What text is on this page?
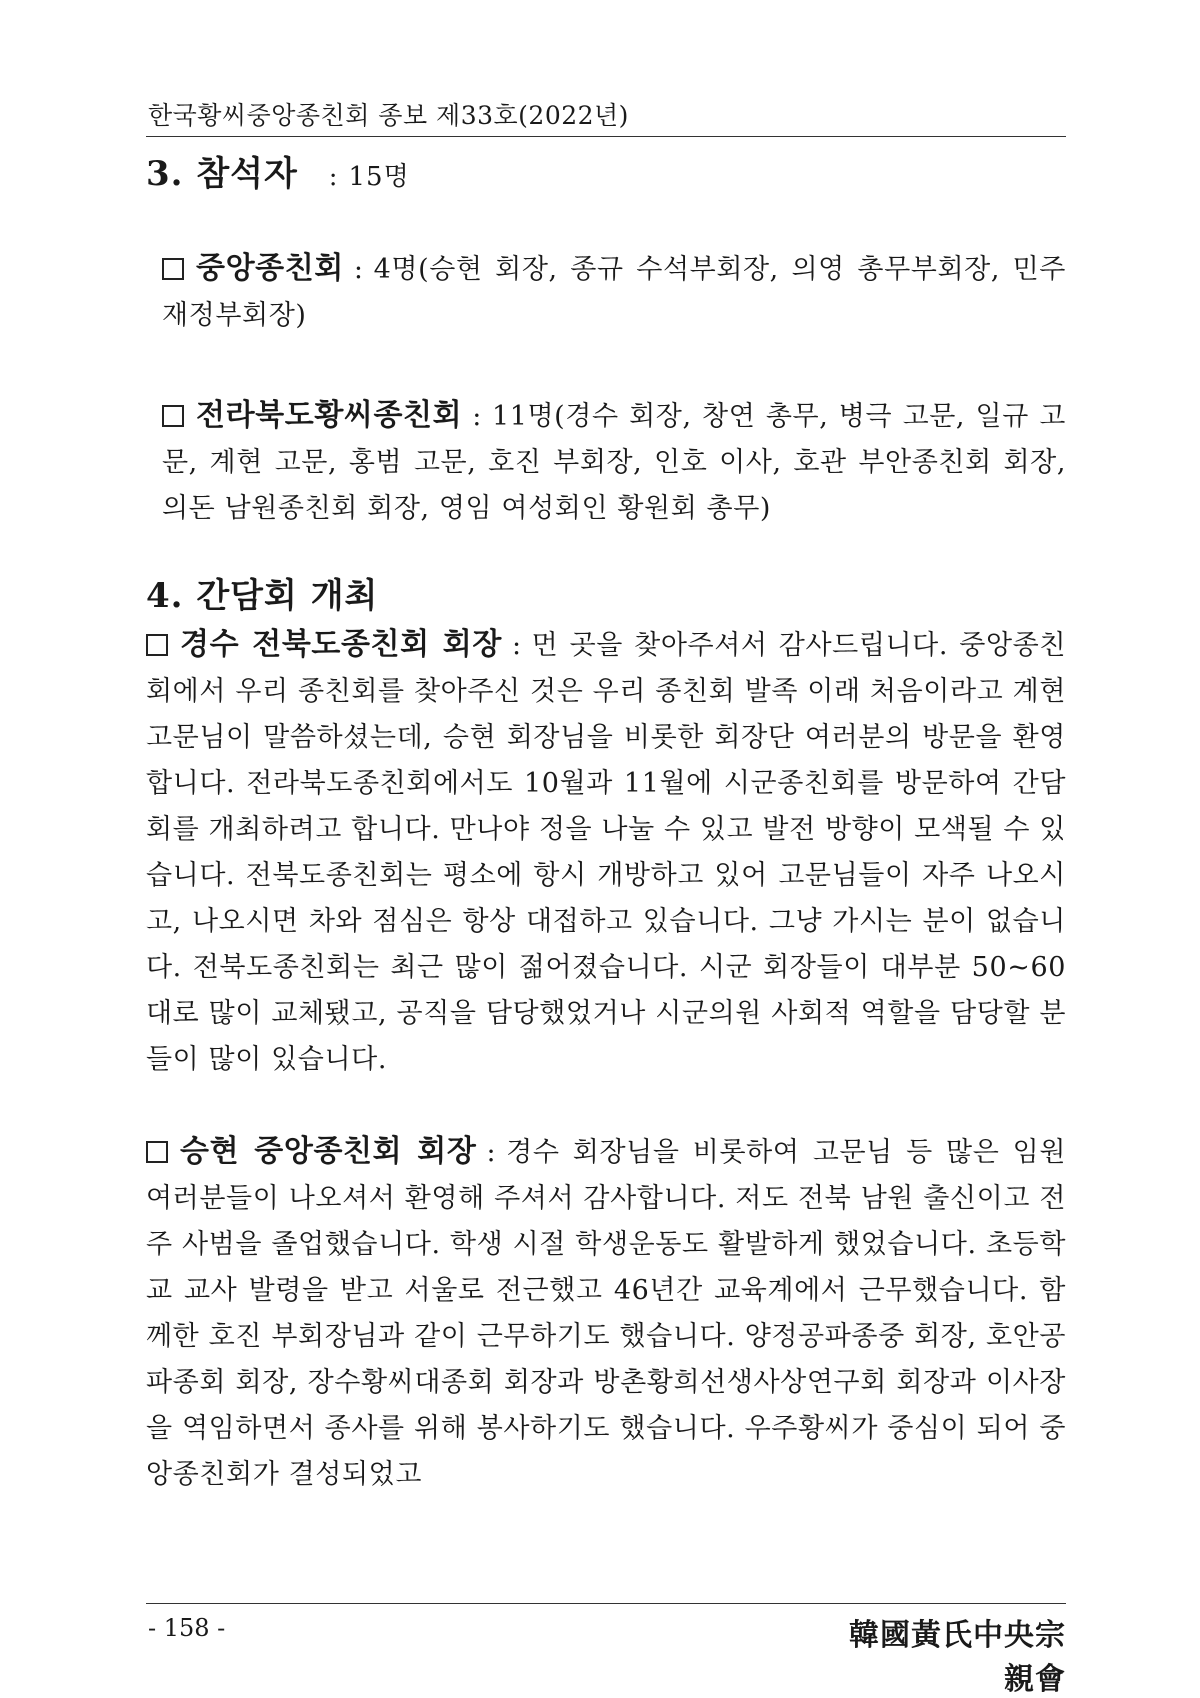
한국황씨중앙종친회 종보 제33호(2022년)
3. 참석자 : 15명

중앙종친회 : 4명(승현 회장, 종규 수석부회장, 의영 총무부회장, 민주 재정부회장)

전라북도황씨종친회 : 11명(경수 회장, 창연 총무, 병극 고문, 일규 고문, 계현 고문, 홍범 고문, 호진 부회장, 인호 이사, 호관 부안종친회 회장, 의돈 남원종친회 회장, 영임 여성회인 황원회 총무)

4. 간담회 개최

경수 전북도종친회 회장 : 먼 곳을 찾아주셔서 감사드립니다. 중앙종친회에서 우리 종친회를 찾아주신 것은 우리 종친회 발족 이래 처음이라고 계현 고문님이 말씀하셨는데, 승현 회장님을 비롯한 회장단 여러분의 방문을 환영합니다. 전라북도종친회에서도 10월과 11월에 시군종친회를 방문하여 간담회를 개최하려고 합니다. 만나야 정을 나눌 수 있고 발전 방향이 모색될 수 있습니다. 전북도종친회는 평소에 항시 개방하고 있어 고문님들이 자주 나오시고, 나오시면 차와 점심은 항상 대접하고 있습니다. 그냥 가시는 분이 없습니다. 전북도종친회는 최근 많이 젊어졌습니다. 시군 회장들이 대부분 50~60대로 많이 교체됐고, 공직을 담당했었거나 시군의원 사회적 역할을 담당할 분들이 많이 있습니다.

승현 중앙종친회 회장 : 경수 회장님을 비롯하여 고문님 등 많은 임원 여러분들이 나오셔서 환영해 주셔서 감사합니다. 저도 전북 남원 출신이고 전주 사범을 졸업했습니다. 학생 시절 학생운동도 활발하게 했었습니다. 초등학교 교사 발령을 받고 서울로 전근했고 46년간 교육계에서 근무했습니다. 함께한 호진 부회장님과 같이 근무하기도 했습니다. 양정공파종중 회장, 호안공파종회 회장, 장수황씨대종회 회장과 방촌황희선생사상연구회 회장과 이사장을 역임하면서 종사를 위해 봉사하기도 했습니다. 우주황씨가 중심이 되어 중앙종친회가 결성되었고

- 158 -	韓國黃氏中央宗親會
